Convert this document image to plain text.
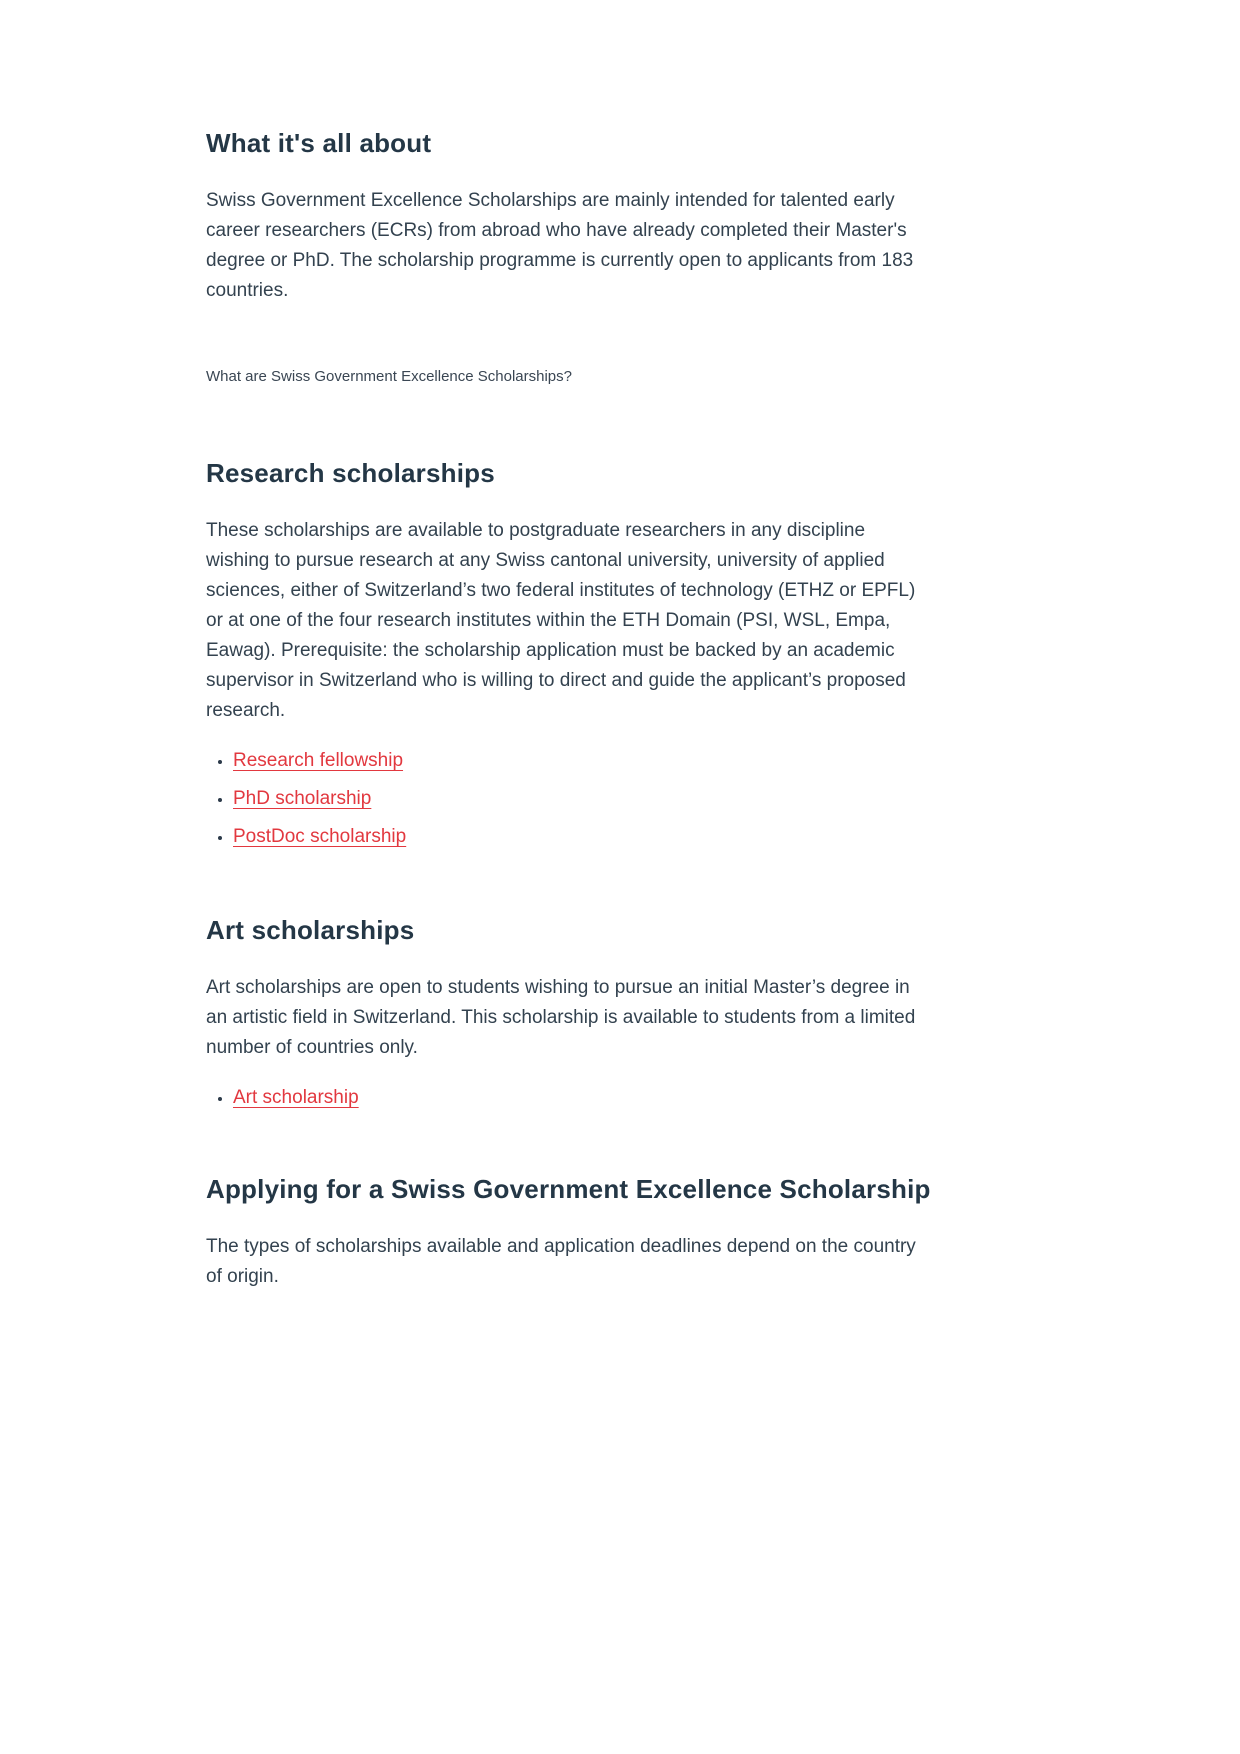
What it's all about

Swiss Government Excellence Scholarships are mainly intended for talented early career researchers (ECRs) from abroad who have already completed their Master's degree or PhD. The scholarship programme is currently open to applicants from 183 countries.

What are Swiss Government Excellence Scholarships?

Research scholarships

These scholarships are available to postgraduate researchers in any discipline wishing to pursue research at any Swiss cantonal university, university of applied sciences, either of Switzerland’s two federal institutes of technology (ETHZ or EPFL) or at one of the four research institutes within the ETH Domain (PSI, WSL, Empa, Eawag). Prerequisite: the scholarship application must be backed by an academic supervisor in Switzerland who is willing to direct and guide the applicant’s proposed research.

• Research fellowship
• PhD scholarship
• PostDoc scholarship
Art scholarships

Art scholarships are open to students wishing to pursue an initial Master’s degree in an artistic field in Switzerland. This scholarship is available to students from a limited number of countries only.

• Art scholarship
Applying for a Swiss Government Excellence Scholarship

The types of scholarships available and application deadlines depend on the country of origin.
